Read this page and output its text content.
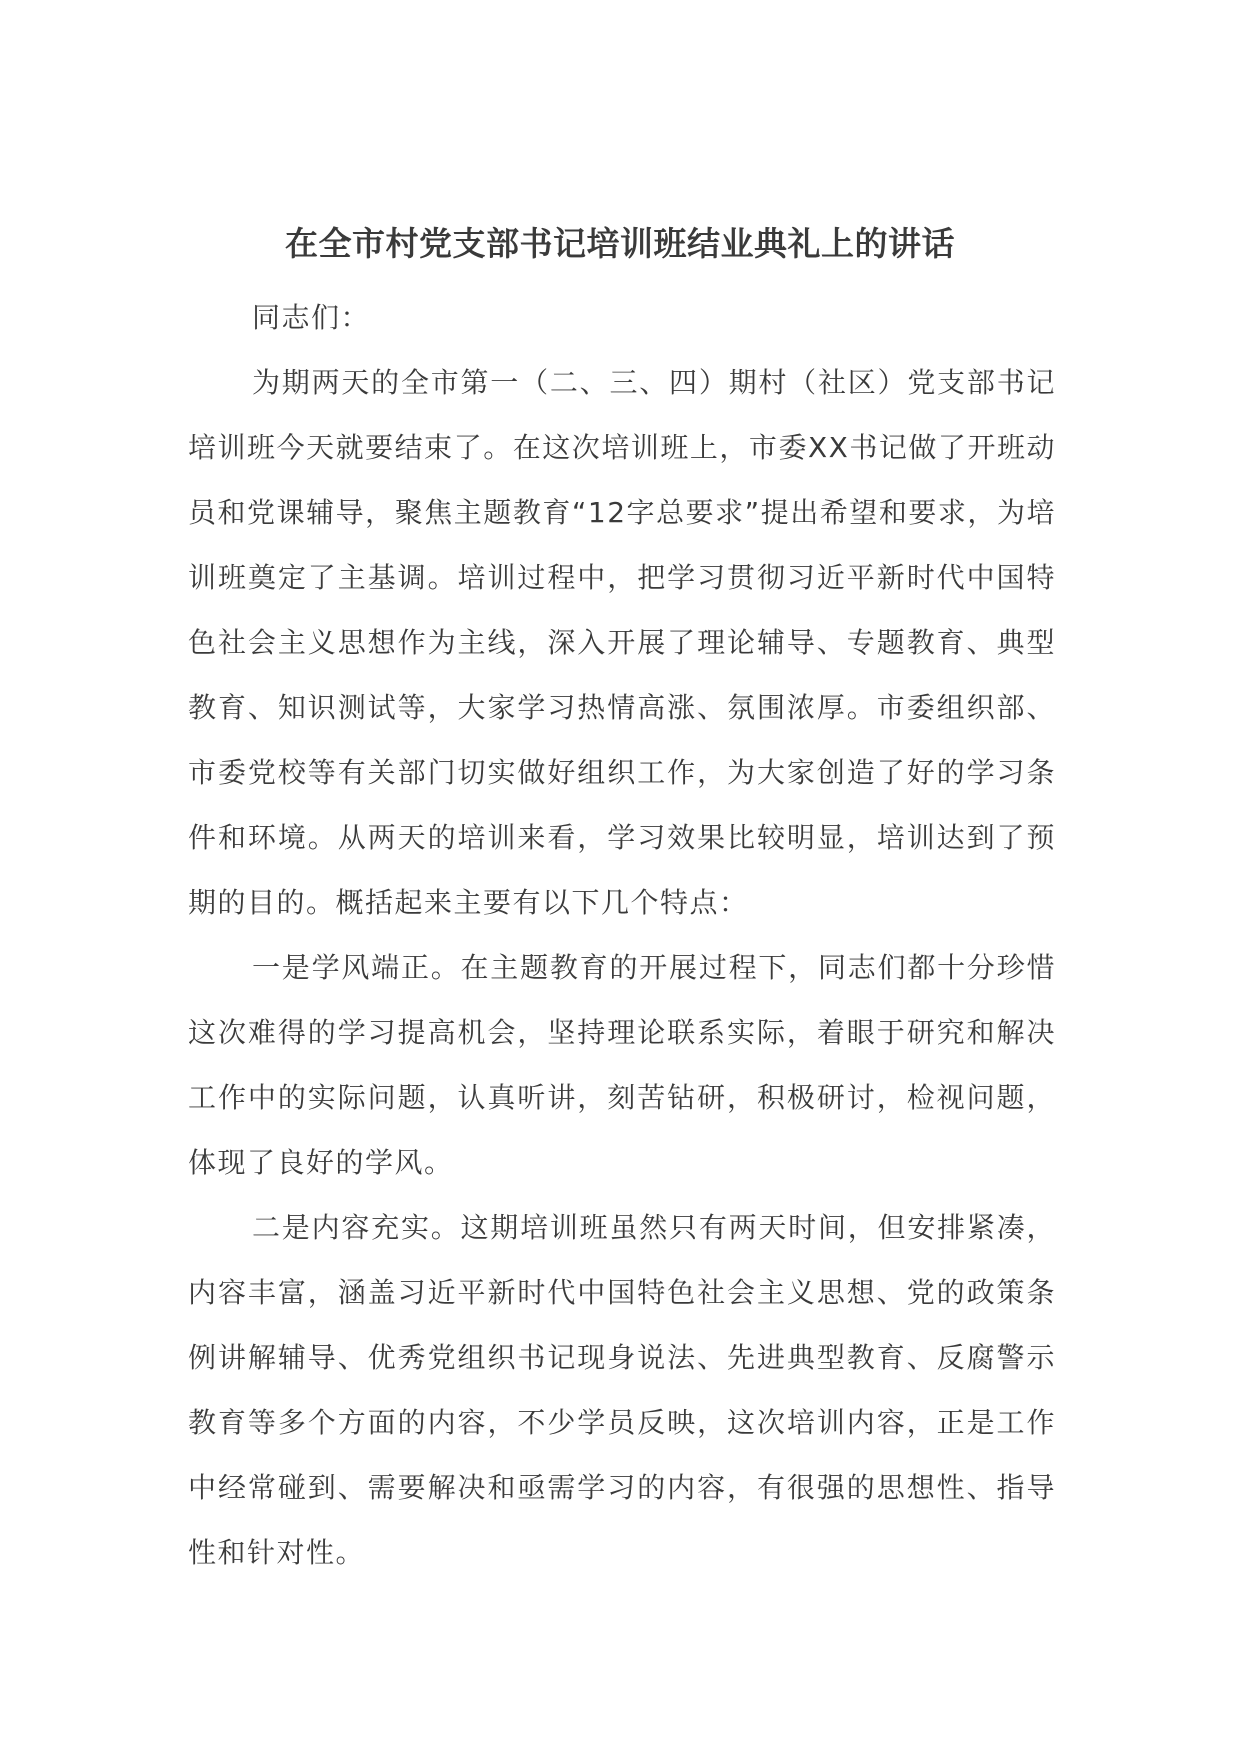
在全市村党支部书记培训班结业典礼上的讲话

同志们：

为期两天的全市第一（二、三、四）期村（社区）党支部书记培训班今天就要结束了。在这次培训班上，市委XX书记做了开班动员和党课辅导，聚焦主题教育“12字总要求”提出希望和要求，为培训班奠定了主基调。培训过程中，把学习贯彻习近平新时代中国特色社会主义思想作为主线，深入开展了理论辅导、专题教育、典型教育、知识测试等，大家学习热情高涨、氛围浓厚。市委组织部、市委党校等有关部门切实做好组织工作，为大家创造了好的学习条件和环境。从两天的培训来看，学习效果比较明显，培训达到了预期的目的。概括起来主要有以下几个特点：

一是学风端正。在主题教育的开展过程下，同志们都十分珍惜这次难得的学习提高机会，坚持理论联系实际，着眼于研究和解决工作中的实际问题，认真听讲，刻苦钻研，积极研讨，检视问题，体现了良好的学风。

二是内容充实。这期培训班虽然只有两天时间，但安排紧凑，内容丰富，涵盖习近平新时代中国特色社会主义思想、党的政策条例讲解辅导、优秀党组织书记现身说法、先进典型教育、反腐警示教育等多个方面的内容，不少学员反映，这次培训内容，正是工作中经常碰到、需要解决和亟需学习的内容，有很强的思想性、指导性和针对性。
